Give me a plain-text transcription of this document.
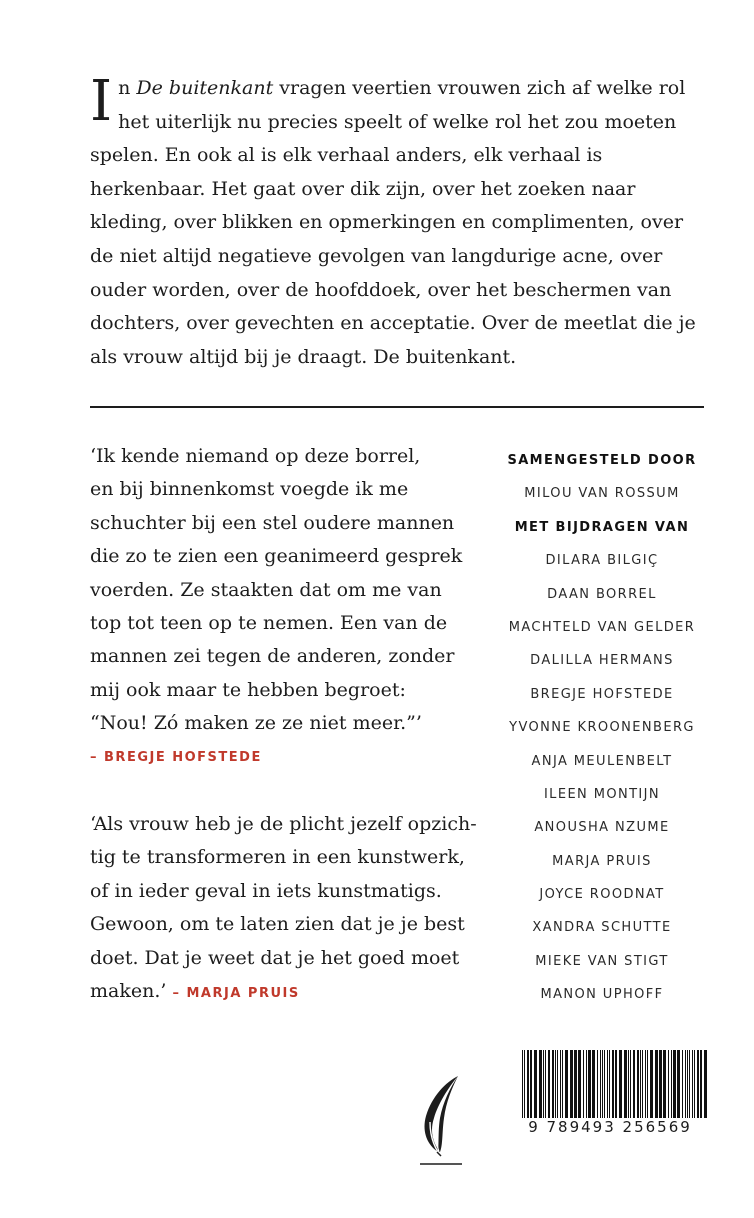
In De buitenkant vragen veertien vrouwen zich af welke rol het uiterlijk nu precies speelt of welke rol het zou moeten spelen. En ook al is elk verhaal anders, elk verhaal is herkenbaar. Het gaat over dik zijn, over het zoeken naar kleding, over blikken en opmerkingen en complimenten, over de niet altijd negatieve gevolgen van langdurige acne, over ouder worden, over de hoofddoek, over het beschermen van dochters, over gevechten en acceptatie. Over de meetlat die je als vrouw altijd bij je draagt. De buitenkant.

‘Ik kende niemand op deze borrel,
en bij binnenkomst voegde ik me
schuchter bij een stel oudere mannen
die zo te zien een geanimeerd gesprek
voerden. Ze staakten dat om me van
top tot teen op te nemen. Een van de
mannen zei tegen de anderen, zonder
mij ook maar te hebben begroet:
“Nou! Zó maken ze ze niet meer.”’
– BREGJE HOFSTEDE

‘Als vrouw heb je de plicht jezelf opzich-
tig te transformeren in een kunstwerk,
of in ieder geval in iets kunstmatigs.
Gewoon, om te laten zien dat je je best
doet. Dat je weet dat je het goed moet
maken.’ – MARJA PRUIS

SAMENGESTELD DOOR
MILOU VAN ROSSUM
MET BIJDRAGEN VAN
DILARA BILGIÇ
DAAN BORREL
MACHTELD VAN GELDER
DALILLA HERMANS
BREGJE HOFSTEDE
YVONNE KROONENBERG
ANJA MEULENBELT
ILEEN MONTIJN
ANOUSHA NZUME
MARJA PRUIS
JOYCE ROODNAT
XANDRA SCHUTTE
MIEKE VAN STIGT
MANON UPHOFF
9 789493 256569
